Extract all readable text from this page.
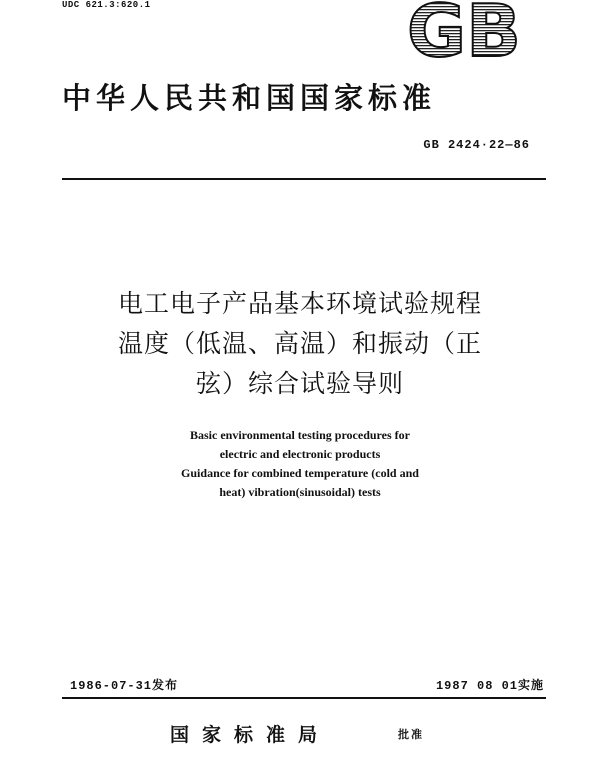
UDC 621.3:620.1	GB
中华人民共和国国家标准
GB 2424·22—86
电工电子产品基本环境试验规程
温度（低温、高温）和振动（正
弦）综合试验导则
Basic environmental testing procedures for
electric and electronic products
Guidance for combined temperature (cold and
heat) vibration(sinusoidal) tests
1986-07-31发布	1987 08 01实施
国家标准局	批准
